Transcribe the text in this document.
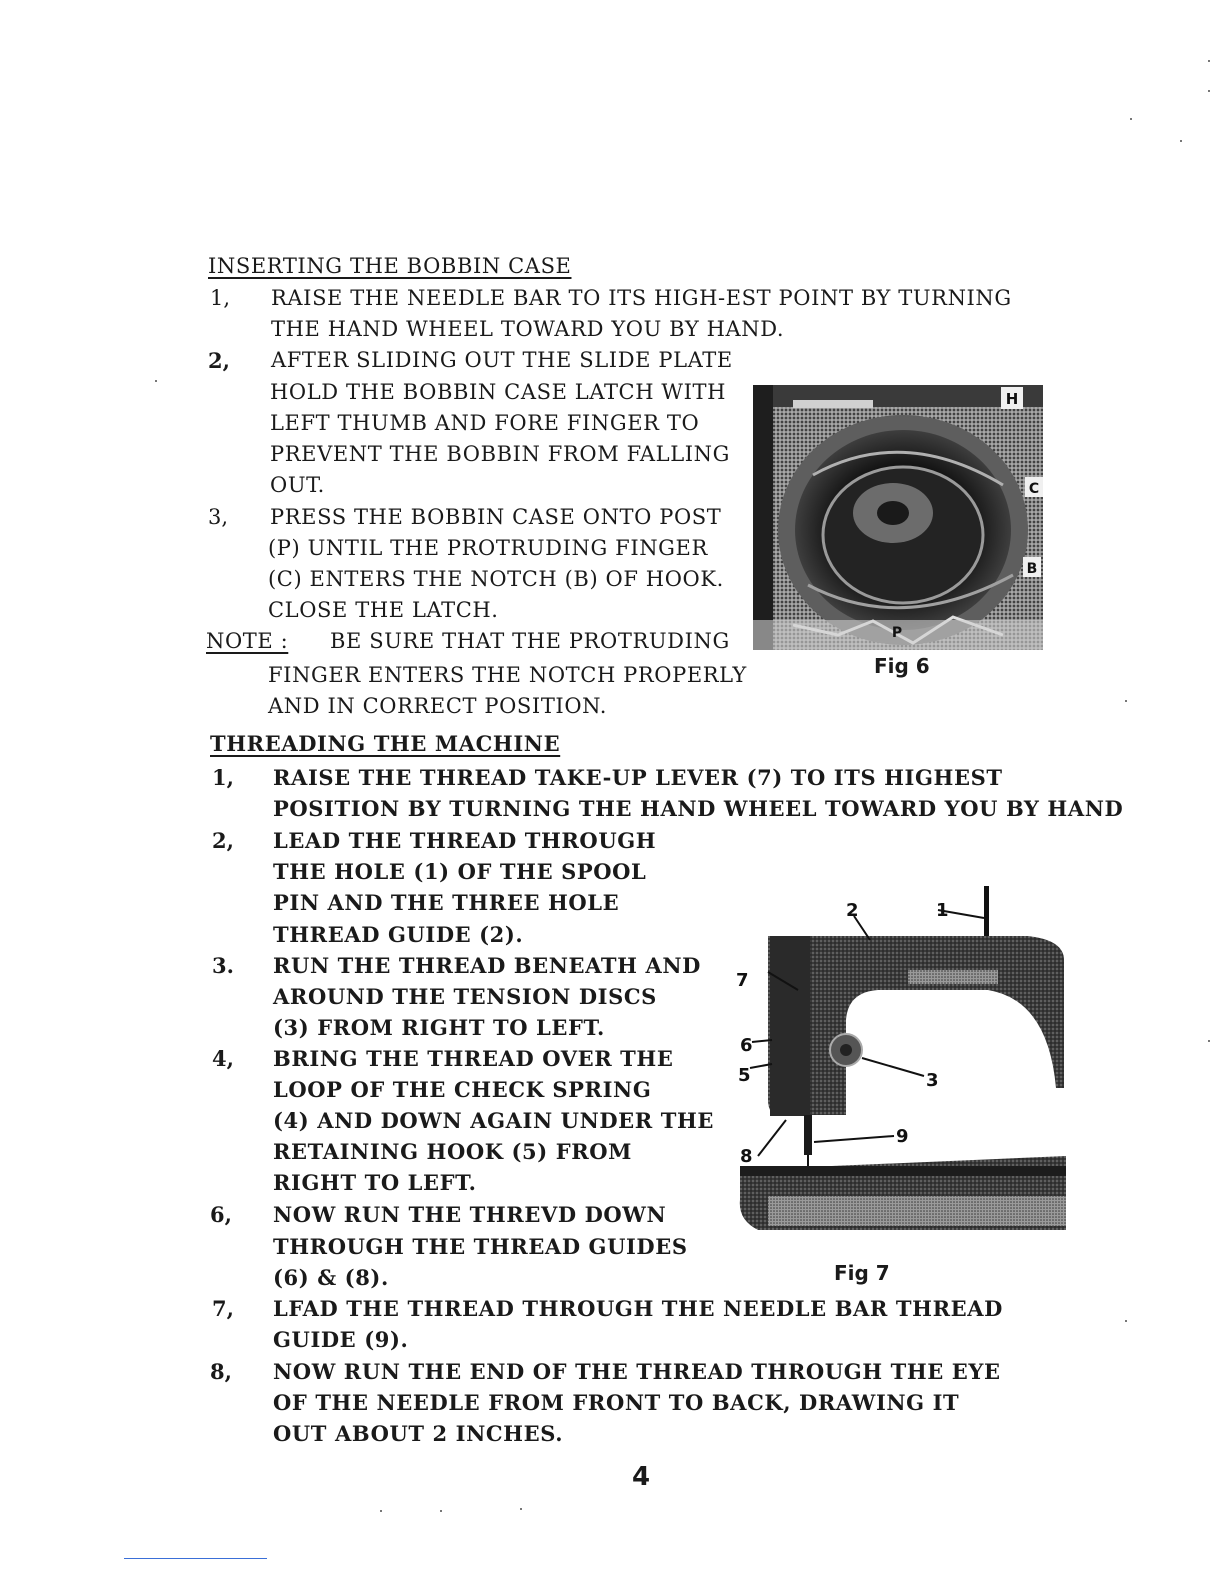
INSERTING THE BOBBIN CASE
1, RAISE THE NEEDLE BAR TO ITS HIGH-EST POINT BY TURNING
THE HAND WHEEL TOWARD YOU BY HAND.
2, AFTER SLIDING OUT THE SLIDE PLATE
HOLD THE BOBBIN CASE LATCH WITH
LEFT THUMB AND FORE FINGER TO
PREVENT THE BOBBIN FROM FALLING
OUT.
3, PRESS THE BOBBIN CASE ONTO POST
(P) UNTIL THE PROTRUDING FINGER
(C) ENTERS THE NOTCH (B) OF HOOK.
CLOSE THE LATCH.
NOTE : BE SURE THAT THE PROTRUDING
FINGER ENTERS THE NOTCH PROPERLY
AND IN CORRECT POSITION.
H
C
B
P
Fig 6
THREADING THE MACHINE
1, RAISE THE THREAD TAKE-UP LEVER (7) TO ITS HIGHEST
POSITION BY TURNING THE HAND WHEEL TOWARD YOU BY HAND
2, LEAD THE THREAD THROUGH
THE HOLE (1) OF THE SPOOL
PIN AND THE THREE HOLE
THREAD GUIDE (2).
3. RUN THE THREAD BENEATH AND
AROUND THE TENSION DISCS
(3) FROM RIGHT TO LEFT.
4, BRING THE THREAD OVER THE
LOOP OF THE CHECK SPRING
(4) AND DOWN AGAIN UNDER THE
RETAINING HOOK (5) FROM
RIGHT TO LEFT.
6, NOW RUN THE THREVD DOWN
THROUGH THE THREAD GUIDES
(6) & (8).
7, LFAD THE THREAD THROUGH THE NEEDLE BAR THREAD
GUIDE (9).
8, NOW RUN THE END OF THE THREAD THROUGH THE EYE
OF THE NEEDLE FROM FRONT TO BACK, DRAWING IT
OUT ABOUT 2 INCHES.
1
2
3
5
6
7
8
9
Fig 7
4
